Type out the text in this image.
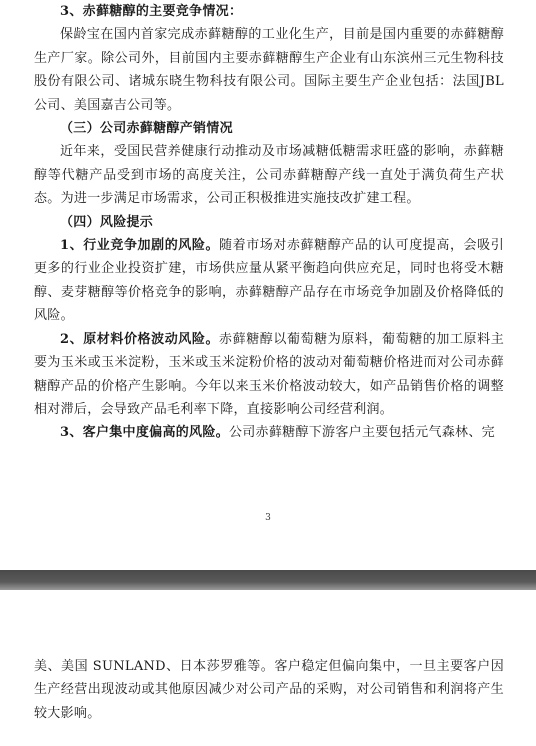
3、赤藓糖醇的主要竞争情况：

保龄宝在国内首家完成赤藓糖醇的工业化生产，目前是国内重要的赤藓糖醇生产厂家。除公司外，目前国内主要赤藓糖醇生产企业有山东滨州三元生物科技股份有限公司、诸城东晓生物科技有限公司。国际主要生产企业包括：法国JBL公司、美国嘉吉公司等。

（三）公司赤藓糖醇产销情况

近年来，受国民营养健康行动推动及市场减糖低糖需求旺盛的影响，赤藓糖醇等代糖产品受到市场的高度关注，公司赤藓糖醇产线一直处于满负荷生产状态。为进一步满足市场需求，公司正积极推进实施技改扩建工程。

（四）风险提示

1、行业竞争加剧的风险。随着市场对赤藓糖醇产品的认可度提高，会吸引更多的行业企业投资扩建，市场供应量从紧平衡趋向供应充足，同时也将受木糖醇、麦芽糖醇等价格竞争的影响，赤藓糖醇产品存在市场竞争加剧及价格降低的风险。

2、原材料价格波动风险。赤藓糖醇以葡萄糖为原料，葡萄糖的加工原料主要为玉米或玉米淀粉，玉米或玉米淀粉价格的波动对葡萄糖价格进而对公司赤藓糖醇产品的价格产生影响。今年以来玉米价格波动较大，如产品销售价格的调整相对滞后，会导致产品毛利率下降，直接影响公司经营利润。

3、客户集中度偏高的风险。公司赤藓糖醇下游客户主要包括元气森林、完

3

美、美国 SUNLAND、日本莎罗雅等。客户稳定但偏向集中，一旦主要客户因生产经营出现波动或其他原因减少对公司产品的采购，对公司销售和利润将产生较大影响。
